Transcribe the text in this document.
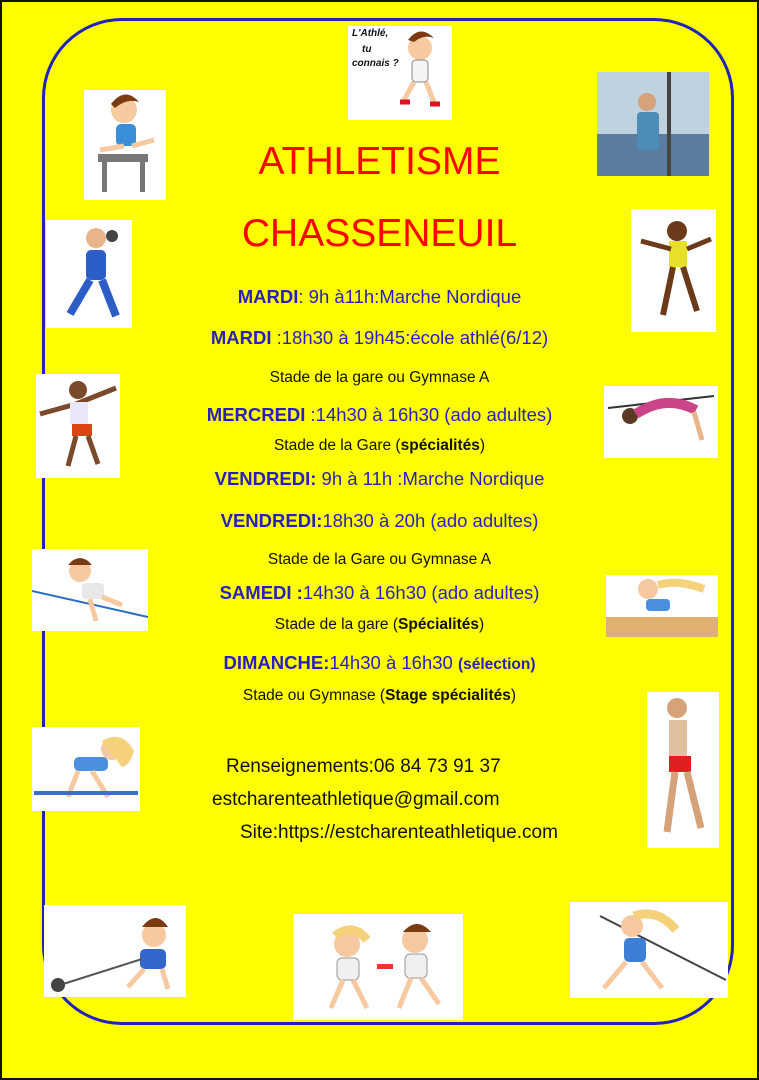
L'Athlé,
tu
connais ?
ATHLETISME
CHASSENEUIL
MARDI: 9h à11h:Marche Nordique
MARDI :18h30 à 19h45:école athlé(6/12)
Stade de la gare ou Gymnase A
MERCREDI :14h30 à 16h30 (ado adultes)
Stade de la Gare (spécialités)
VENDREDI: 9h à 11h :Marche Nordique
VENDREDI:18h30 à 20h (ado adultes)
Stade de la Gare ou Gymnase A
SAMEDI :14h30 à 16h30 (ado adultes)
Stade de la gare (Spécialités)
DIMANCHE:14h30 à 16h30 (sélection)
Stade ou Gymnase (Stage spécialités)
Renseignements:06 84 73 91 37
estcharenteathletique@gmail.com
Site:https://estcharenteathletique.com
